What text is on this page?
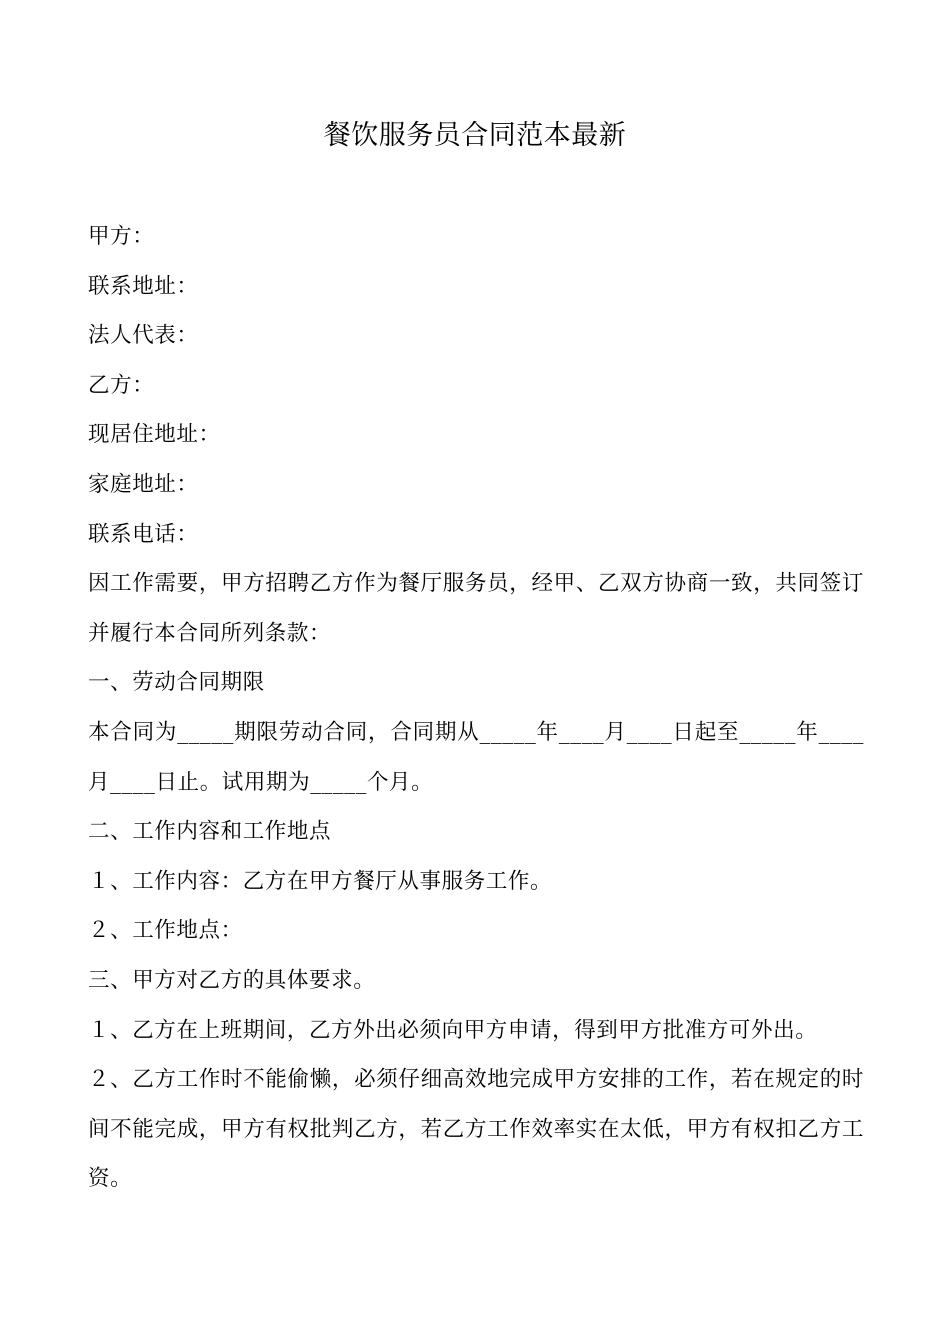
餐饮服务员合同范本最新

甲方：

联系地址：

法人代表：

乙方：

现居住地址：

家庭地址：

联系电话：

因工作需要，甲方招聘乙方作为餐厅服务员，经甲、乙双方协商一致，共同签订并履行本合同所列条款：

一、劳动合同期限

本合同为_____期限劳动合同，合同期从_____年____月____日起至_____年____月____日止。试用期为_____个月。

二、工作内容和工作地点

１、工作内容：乙方在甲方餐厅从事服务工作。

２、工作地点：

三、甲方对乙方的具体要求。

１、乙方在上班期间，乙方外出必须向甲方申请，得到甲方批准方可外出。

２、乙方工作时不能偷懒，必须仔细高效地完成甲方安排的工作，若在规定的时间不能完成，甲方有权批判乙方，若乙方工作效率实在太低，甲方有权扣乙方工资。
